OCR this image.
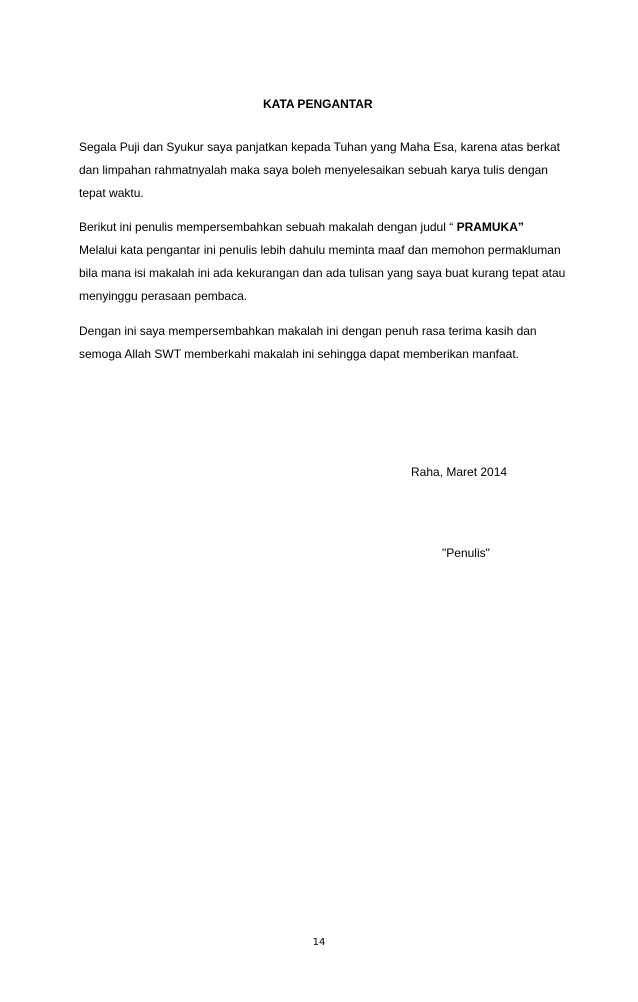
KATA PENGANTAR

Segala Puji dan Syukur saya panjatkan kepada Tuhan yang Maha Esa, karena atas berkat

dan limpahan rahmatnyalah maka saya boleh menyelesaikan sebuah karya tulis dengan

tepat waktu.

Berikut ini penulis mempersembahkan sebuah makalah dengan judul “ PRAMUKA”

Melalui kata pengantar ini penulis lebih dahulu meminta maaf dan memohon permakluman

bila mana isi makalah ini ada kekurangan dan ada tulisan yang saya buat kurang tepat atau

menyinggu perasaan pembaca.

Dengan ini saya mempersembahkan makalah ini dengan penuh rasa terima kasih dan

semoga Allah SWT memberkahi makalah ini sehingga dapat memberikan manfaat.

Raha, Maret 2014

"Penulis"

14
